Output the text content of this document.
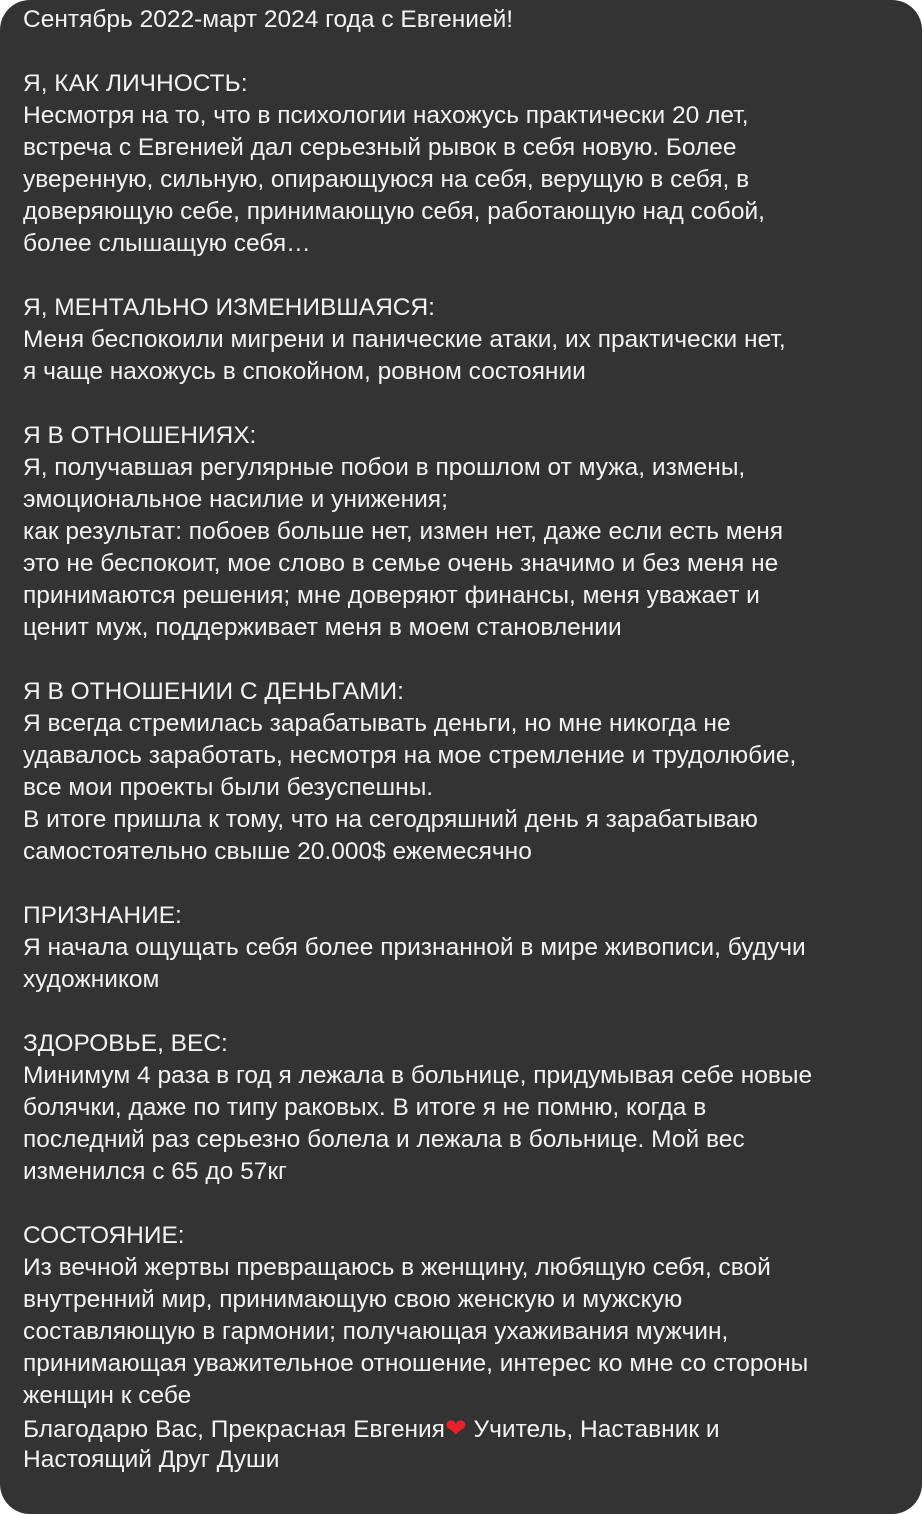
Сентябрь 2022-март 2024 года с Евгенией!
Я, КАК ЛИЧНОСТЬ:
Несмотря на то, что в психологии нахожусь практически 20 лет,
встреча с Евгенией дал серьезный рывок в себя новую. Более
уверенную, сильную, опирающуюся на себя, верущую в себя, в
доверяющую себе, принимающую себя, работающую над собой,
более слышащую себя…
Я, МЕНТАЛЬНО ИЗМЕНИВШАЯСЯ:
Меня беспокоили мигрени и панические атаки, их практически нет,
я чаще нахожусь в спокойном, ровном состоянии
Я В ОТНОШЕНИЯХ:
Я, получавшая регулярные побои в прошлом от мужа, измены,
эмоциональное насилие и унижения;
как результат: побоев больше нет, измен нет, даже если есть меня
это не беспокоит, мое слово в семье очень значимо и без меня не
принимаются решения; мне доверяют финансы, меня уважает и
ценит муж, поддерживает меня в моем становлении
Я В ОТНОШЕНИИ С ДЕНЬГАМИ:
Я всегда стремилась зарабатывать деньги, но мне никогда не
удавалось заработать, несмотря на мое стремление и трудолюбие,
все мои проекты были безуспешны.
В итоге пришла к тому, что на сегодряшний день я зарабатываю
самостоятельно свыше 20.000$ ежемесячно
ПРИЗНАНИЕ:
Я начала ощущать себя более признанной в мире живописи, будучи
художником
ЗДОРОВЬЕ, ВЕС:
Минимум 4 раза в год я лежала в больнице, придумывая себе новые
болячки, даже по типу раковых. В итоге я не помню, когда в
последний раз серьезно болела и лежала в больнице. Мой вес
изменился с 65 до 57кг
СОСТОЯНИЕ:
Из вечной жертвы превращаюсь в женщину, любящую себя, свой
внутренний мир, принимающую свою женскую и мужскую
составляющую в гармонии; получающая ухаживания мужчин,
принимающая уважительное отношение, интерес ко мне со стороны
женщин к себе
Благодарю Вас, Прекрасная Евгения❤ Учитель, Наставник и
Настоящий Друг Души
